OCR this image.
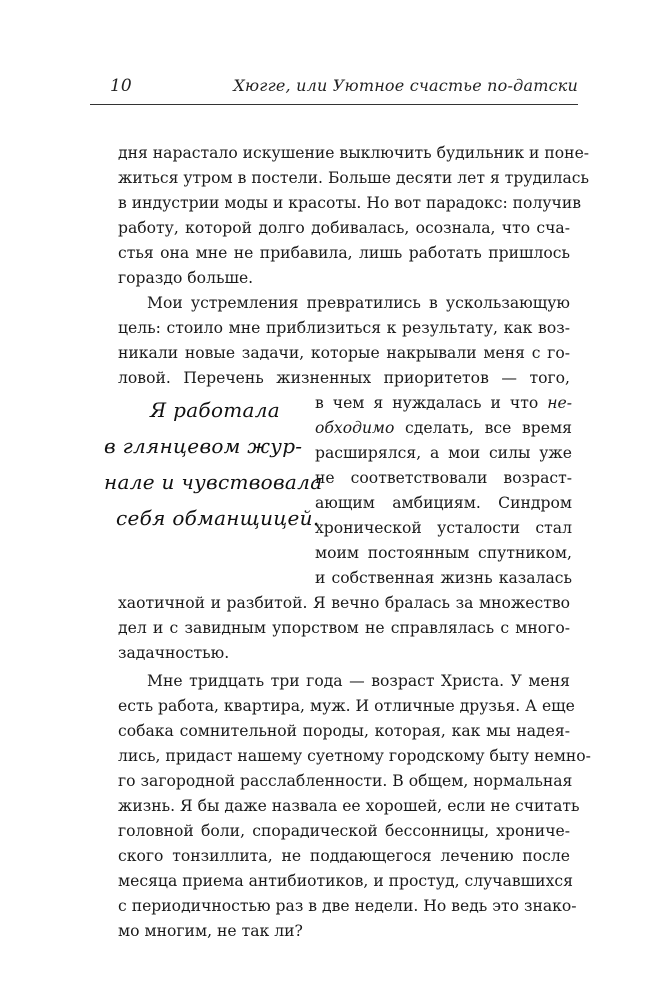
10	Хюгге, или Уютное счастье по-датски
дня нарастало искушение выключить будильник и поне-
житься утром в постели. Больше десяти лет я трудилась
в индустрии моды и красоты. Но вот парадокс: получив
работу, которой долго добивалась, осознала, что сча-
стья она мне не прибавила, лишь работать пришлось
гораздо больше.
Мои устремления превратились в ускользающую
цель: стоило мне приблизиться к результату, как воз-
никали новые задачи, которые накрывали меня с го-
ловой. Перечень жизненных приоритетов — того,
в чем я нуждалась и что не-
обходимо сделать, все время
расширялся, а мои силы уже
не соответствовали возраст-
ающим амбициям. Синдром
хронической усталости стал
моим постоянным спутником,
и собственная жизнь казалась
хаотичной и разбитой. Я вечно бралась за множество
дел и с завидным упорством не справлялась с много-
задачностью.
Я работала
в глянцевом жур-
нале и чувствовала
себя обманщицей.
Мне тридцать три года — возраст Христа. У меня
есть работа, квартира, муж. И отличные друзья. А еще
собака сомнительной породы, которая, как мы надея-
лись, придаст нашему суетному городскому быту немно-
го загородной расслабленности. В общем, нормальная
жизнь. Я бы даже назвала ее хорошей, если не считать
головной боли, спорадической бессонницы, хрониче-
ского тонзиллита, не поддающегося лечению после
месяца приема антибиотиков, и простуд, случавшихся
с периодичностью раз в две недели. Но ведь это знако-
мо многим, не так ли?
